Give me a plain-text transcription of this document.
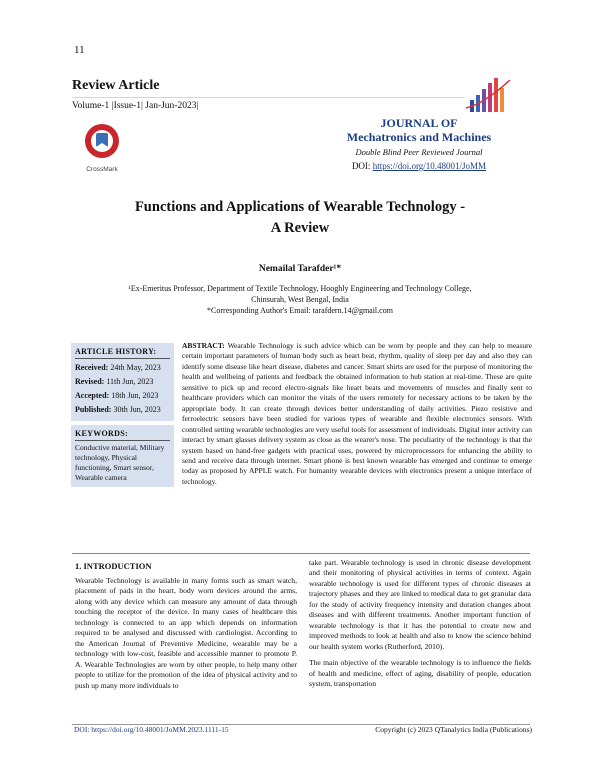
11
Review Article
Volume-1 |Issue-1| Jan-Jun-2023|
JOURNAL OF
Mechatronics and Machines
Double Blind Peer Reviewed Journal
DOI: https://doi.org/10.48001/JoMM
CrossMark
Functions and Applications of Wearable Technology -
A Review
Nemailal Tarafder¹*
¹Ex-Emeritus Professor, Department of Textile Technology, Hooghly Engineering and Technology College,
Chinsurah, West Bengal, India
*Corresponding Author's Email: tarafdern.14@gmail.com
ARTICLE HISTORY:
Received: 24th May, 2023
Revised: 11th Jun, 2023
Accepted: 18th Jun, 2023
Published: 30th Jun, 2023
KEYWORDS:
Conductive material, Military technology, Physical functioning, Smart sensor, Wearable camera
ABSTRACT: Wearable Technology is such advice which can be worn by people and they can help to measure certain important parameters of human body such as heart beat, rhythm, quality of sleep per day and also they can identify some disease like heart disease, diabetes and cancer. Smart shirts are used for the purpose of monitoring the health and wellbeing of patients and feedback the obtained information to hub station at real-time. These are quite sensitive to pick up and record electro-signals like heart beats and movements of muscles and finally sent to healthcare providers which can monitor the vitals of the users remotely for necessary actions to be taken by the appropriate body. It can create through devices better understanding of daily activities. Piezo resistive and ferroelectric sensors have been studied for various types of wearable and flexible electronics sensors. With controlled setting wearable technologies are very useful tools for assessment of individuals. Digital inter activity can interact by smart glasses delivery system as close as the wearer's nose. The peculiarity of the technology is that the system based on hand-free gadgets with practical uses, powered by microprocessors for enhancing the ability to send and receive data through internet. Smart phone is best known wearable has emerged and continue to emerge today as proposed by APPLE watch. For humanity wearable devices with electronics present a unique interface of technology.
1. INTRODUCTION
Wearable Technology is available in many forms such as smart watch, placement of pads in the heart, body worn devices around the arms, along with any device which can measure any amount of data through touching the receptor of the device. In many cases of healthcare this technology is connected to an app which depends on information required to be analysed and discussed with cardiologist. According to the American Journal of Preventive Medicine, wearable may be a technology with low-cost, feasible and accessible manner to promote P. A. Wearable Technologies are worn by other people, to help many other people to utilize for the promotion of the idea of physical activity and to push up many more individuals to

take part. Wearable technology is used in chronic disease development and their monitoring of physical activities in terms of context. Again wearable technology is used for different types of chronic diseases at trajectory phases and they are linked to medical data to get granular data for the study of activity frequency intensity and duration changes about diseases and with different treatments. Another important function of wearable technology is that it has the potential to create new and improved methods to look at health and also to know the science behind our health system works (Rutherford, 2010).

The main objective of the wearable technology is to influence the fields of health and medicine, effect of aging, disability of people, education system, transportation

DOI: https://doi.org/10.48001/JoMM.2023.1111-15	Copyright (c) 2023 QTanalytics India (Publications)
